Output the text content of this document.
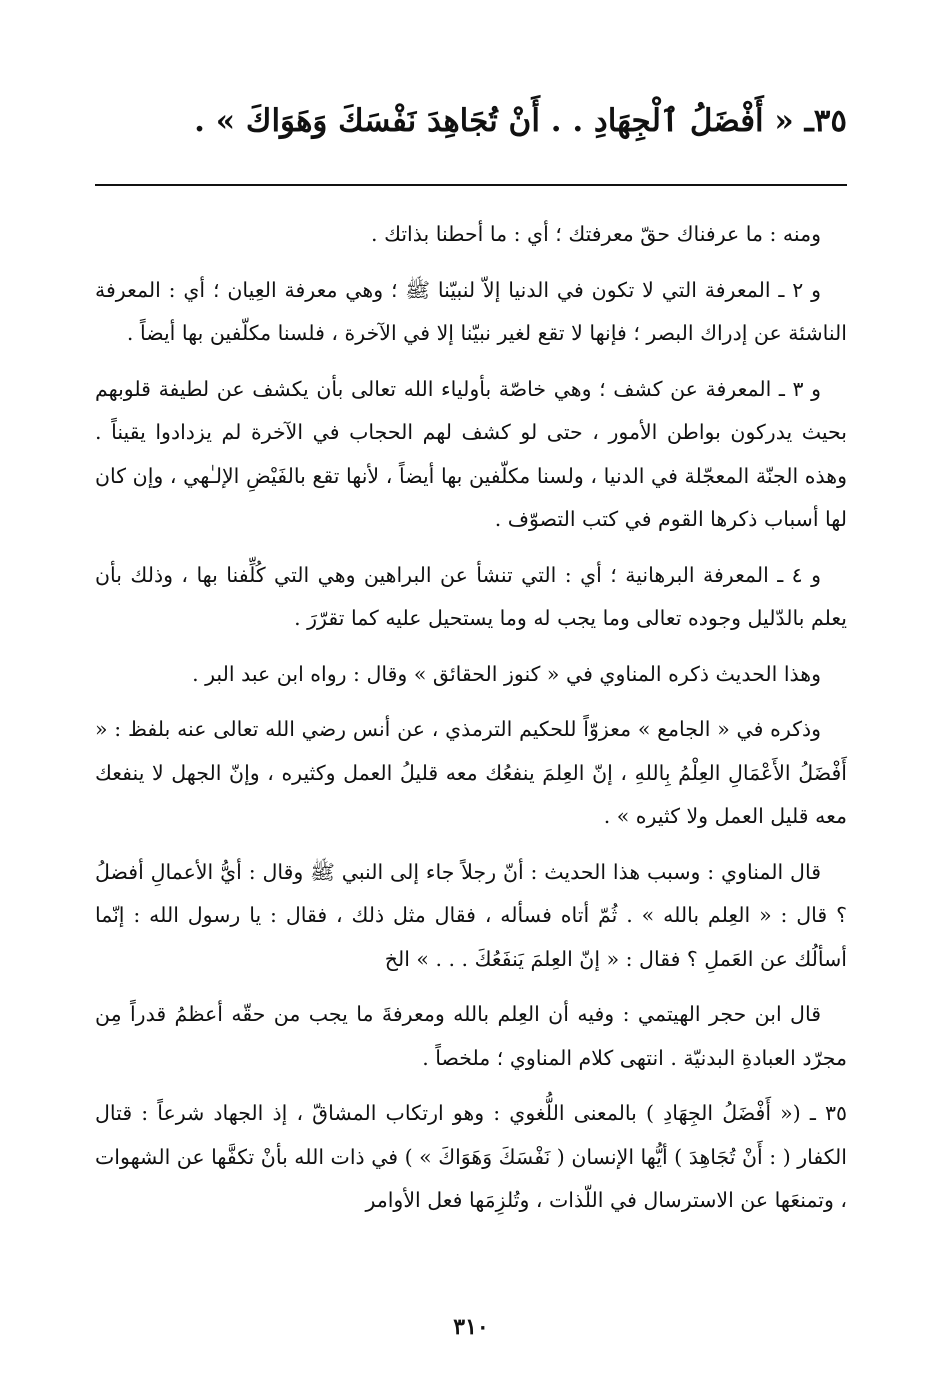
٣٥ـ « أَفْضَلُ ٱلْجِهَادِ . . أَنْ تُجَاهِدَ نَفْسَكَ وَهَوَاكَ » .

ومنه : ما عرفناك حقّ معرفتك ؛ أي : ما أحطنا بذاتك .

و ٢ ـ المعرفة التي لا تكون في الدنيا إلاّ لنبيّنا ﷺ ؛ وهي معرفة العِيان ؛ أي : المعرفة الناشئة عن إدراك البصر ؛ فإنها لا تقع لغير نبيّنا إلا في الآخرة ، فلسنا مكلّفين بها أيضاً .

و ٣ ـ المعرفة عن كشف ؛ وهي خاصّة بأولياء الله تعالى بأن يكشف عن لطيفة قلوبهم بحيث يدركون بواطن الأمور ، حتى لو كشف لهم الحجاب في الآخرة لم يزدادوا يقيناً . وهذه الجنّة المعجّلة في الدنيا ، ولسنا مكلّفين بها أيضاً ، لأنها تقع بالفَيْضِ الإلـٰهي ، وإن كان لها أسباب ذكرها القوم في كتب التصوّف .

و ٤ ـ المعرفة البرهانية ؛ أي : التي تنشأ عن البراهين وهي التي كُلِّفنا بها ، وذلك بأن يعلم بالدّليل وجوده تعالى وما يجب له وما يستحيل عليه كما تقرّرَ .

وهذا الحديث ذكره المناوي في « كنوز الحقائق » وقال : رواه ابن عبد البر .

وذكره في « الجامع » معزوّاً للحكيم الترمذي ، عن أنس رضي الله تعالى عنه بلفظ : « أَفْضَلُ الأَعْمَالِ العِلْمُ بِاللهِ ، إنّ العِلمَ ينفعُك معه قليلُ العمل وكثيره ، وإنّ الجهل لا ينفعك معه قليل العمل ولا كثيره » .

قال المناوي : وسبب هذا الحديث : أنّ رجلاً جاء إلى النبي ﷺ وقال : أيُّ الأعمالِ أفضلُ ؟ قال : « العِلم بالله » . ثُمّ أتاه فسأله ، فقال مثل ذلك ، فقال : يا رسول الله : إنّما أسألُك عن العَملِ ؟ فقال : « إنّ العِلمَ يَنفَعُكَ . . . » الخ

قال ابن حجر الهيتمي : وفيه أن العِلم بالله ومعرفةَ ما يجب من حقّه أعظمُ قدراً مِن مجرّد العبادةِ البدنيّة . انتهى كلام المناوي ؛ ملخصاً .

٣٥ ـ (« أَفْضَلُ الجِهَادِ ) بالمعنى اللُّغوي : وهو ارتكاب المشاقّ ، إذ الجهاد شرعاً : قتال الكفار ( : أَنْ تُجَاهِدَ ) أيُّها الإنسان ( نَفْسَكَ وَهَوَاكَ » ) في ذات الله بأنْ تكفَّها عن الشهوات ، وتمنعَها عن الاسترسال في اللّذات ، وتُلزِمَها فعل الأوامر

٣١٠
